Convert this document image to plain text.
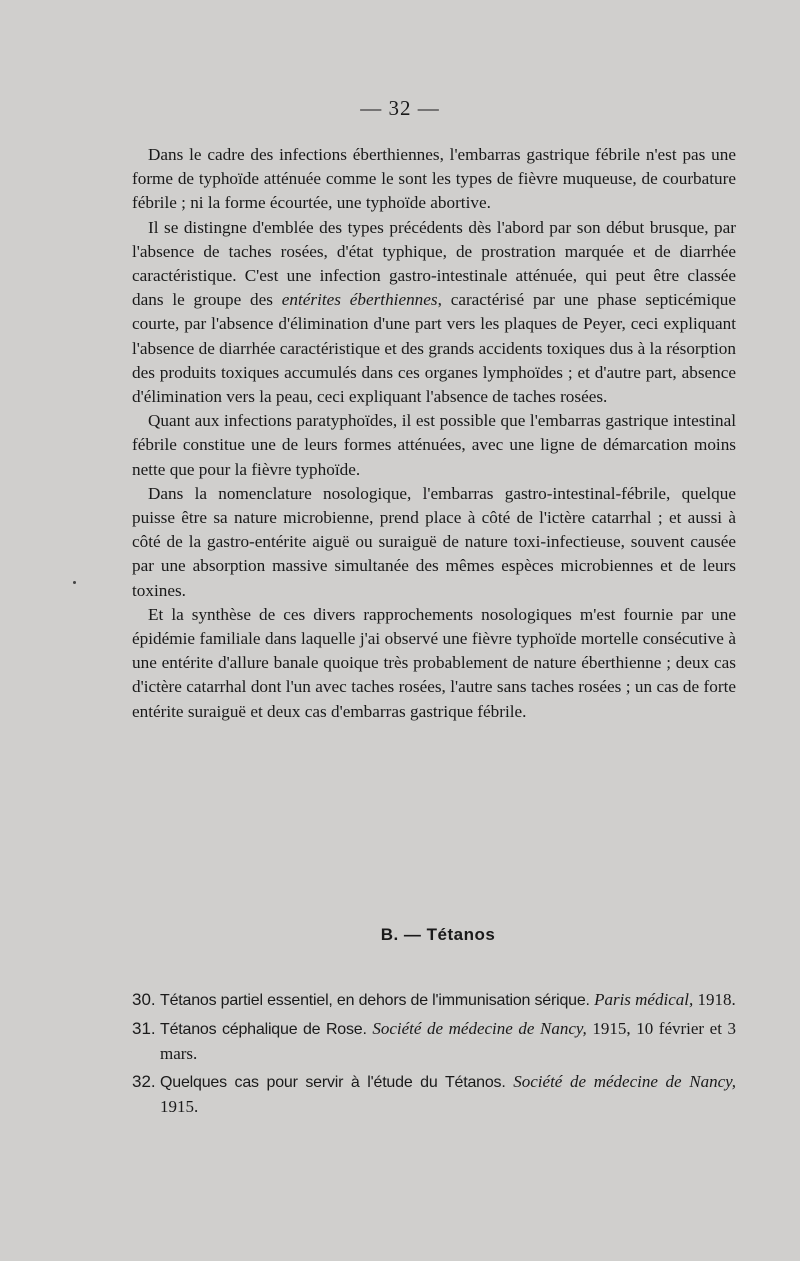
— 32 —

Dans le cadre des infections éberthiennes, l'embarras gastrique fébrile n'est pas une forme de typhoïde atténuée comme le sont les types de fièvre muqueuse, de courbature fébrile ; ni la forme écourtée, une typhoïde abortive.

Il se distingne d'emblée des types précédents dès l'abord par son début brusque, par l'absence de taches rosées, d'état typhique, de prostration marquée et de diarrhée caractéristique. C'est une infection gastro-intestinale atténuée, qui peut être classée dans le groupe des entérites éberthiennes, caractérisé par une phase septicémique courte, par l'absence d'élimination d'une part vers les plaques de Peyer, ceci expliquant l'absence de diarrhée caractéristique et des grands accidents toxiques dus à la résorption des produits toxiques accumulés dans ces organes lymphoïdes ; et d'autre part, absence d'élimination vers la peau, ceci expliquant l'absence de taches rosées.

Quant aux infections paratyphoïdes, il est possible que l'embarras gastrique intestinal fébrile constitue une de leurs formes atténuées, avec une ligne de démarcation moins nette que pour la fièvre typhoïde.

Dans la nomenclature nosologique, l'embarras gastro-intestinal-fébrile, quelque puisse être sa nature microbienne, prend place à côté de l'ictère catarrhal ; et aussi à côté de la gastro-entérite aiguë ou suraiguë de nature toxi-infectieuse, souvent causée par une absorption massive simultanée des mêmes espèces microbiennes et de leurs toxines.

Et la synthèse de ces divers rapprochements nosologiques m'est fournie par une épidémie familiale dans laquelle j'ai observé une fièvre typhoïde mortelle consécutive à une entérite d'allure banale quoique très probablement de nature éberthienne ; deux cas d'ictère catarrhal dont l'un avec taches rosées, l'autre sans taches rosées ; un cas de forte entérite suraiguë et deux cas d'embarras gastrique fébrile.

B. — Tétanos
30. Tétanos partiel essentiel, en dehors de l'immunisation sérique. Paris médical, 1918.
31. Tétanos céphalique de Rose. Société de médecine de Nancy, 1915, 10 février et 3 mars.
32. Quelques cas pour servir à l'étude du Tétanos. Société de médecine de Nancy, 1915.
